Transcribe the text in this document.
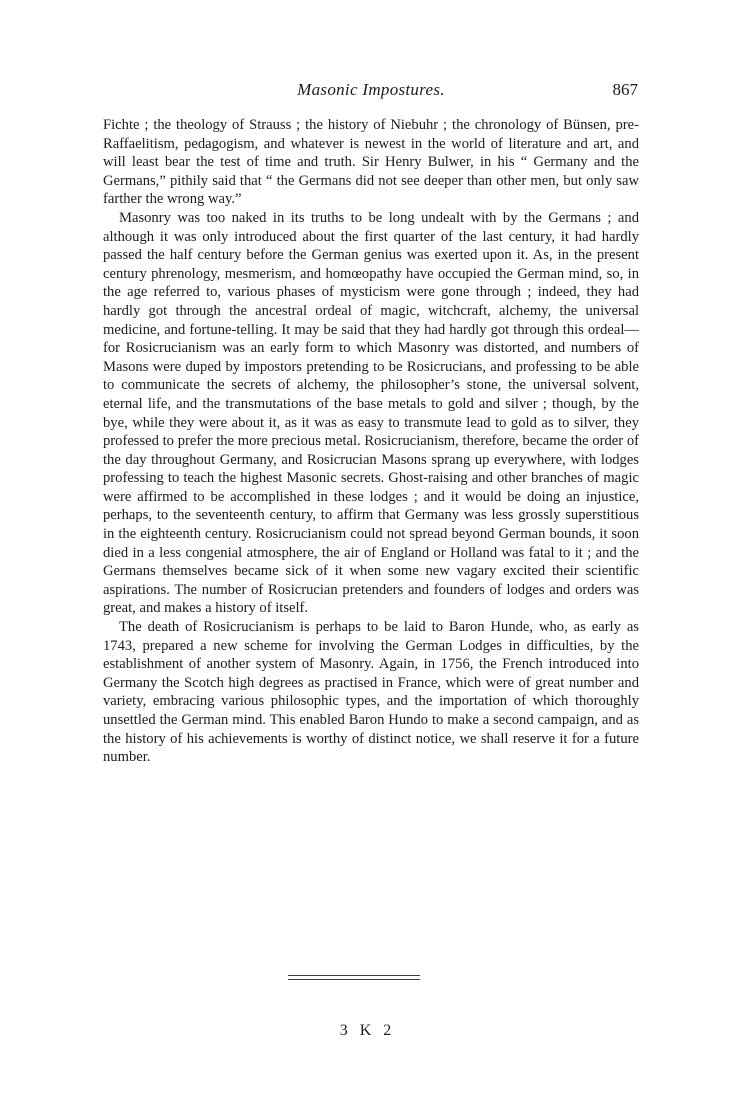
Masonic Impostures.	867

Fichte ; the theology of Strauss ; the history of Niebuhr ; the chronology of Bünsen, pre-Raffaelitism, pedagogism, and whatever is newest in the world of literature and art, and will least bear the test of time and truth. Sir Henry Bulwer, in his “ Germany and the Germans,” pithily said that “ the Germans did not see deeper than other men, but only saw farther the wrong way.”

Masonry was too naked in its truths to be long undealt with by the Germans ; and although it was only introduced about the first quarter of the last century, it had hardly passed the half century before the German genius was exerted upon it. As, in the present century phrenology, mesmerism, and homœopathy have occupied the German mind, so, in the age referred to, various phases of mysticism were gone through ; indeed, they had hardly got through the ancestral ordeal of magic, witchcraft, alchemy, the universal medicine, and fortune-telling. It may be said that they had hardly got through this ordeal—for Rosicrucianism was an early form to which Masonry was distorted, and numbers of Masons were duped by impostors pretending to be Rosicrucians, and professing to be able to communicate the secrets of alchemy, the philosopher’s stone, the universal solvent, eternal life, and the transmutations of the base metals to gold and silver ; though, by the bye, while they were about it, as it was as easy to transmute lead to gold as to silver, they professed to prefer the more precious metal. Rosicrucianism, therefore, became the order of the day throughout Germany, and Rosicrucian Masons sprang up everywhere, with lodges professing to teach the highest Masonic secrets. Ghost-raising and other branches of magic were affirmed to be accomplished in these lodges ; and it would be doing an injustice, perhaps, to the seventeenth century, to affirm that Germany was less grossly superstitious in the eighteenth century. Rosicrucianism could not spread beyond German bounds, it soon died in a less congenial atmosphere, the air of England or Holland was fatal to it ; and the Germans themselves became sick of it when some new vagary excited their scientific aspirations. The number of Rosicrucian pretenders and founders of lodges and orders was great, and makes a history of itself.

The death of Rosicrucianism is perhaps to be laid to Baron Hunde, who, as early as 1743, prepared a new scheme for involving the German Lodges in difficulties, by the establishment of another system of Masonry. Again, in 1756, the French introduced into Germany the Scotch high degrees as practised in France, which were of great number and variety, embracing various philosophic types, and the importation of which thoroughly unsettled the German mind. This enabled Baron Hundo to make a second campaign, and as the history of his achievements is worthy of distinct notice, we shall reserve it for a future number.

3 K 2
